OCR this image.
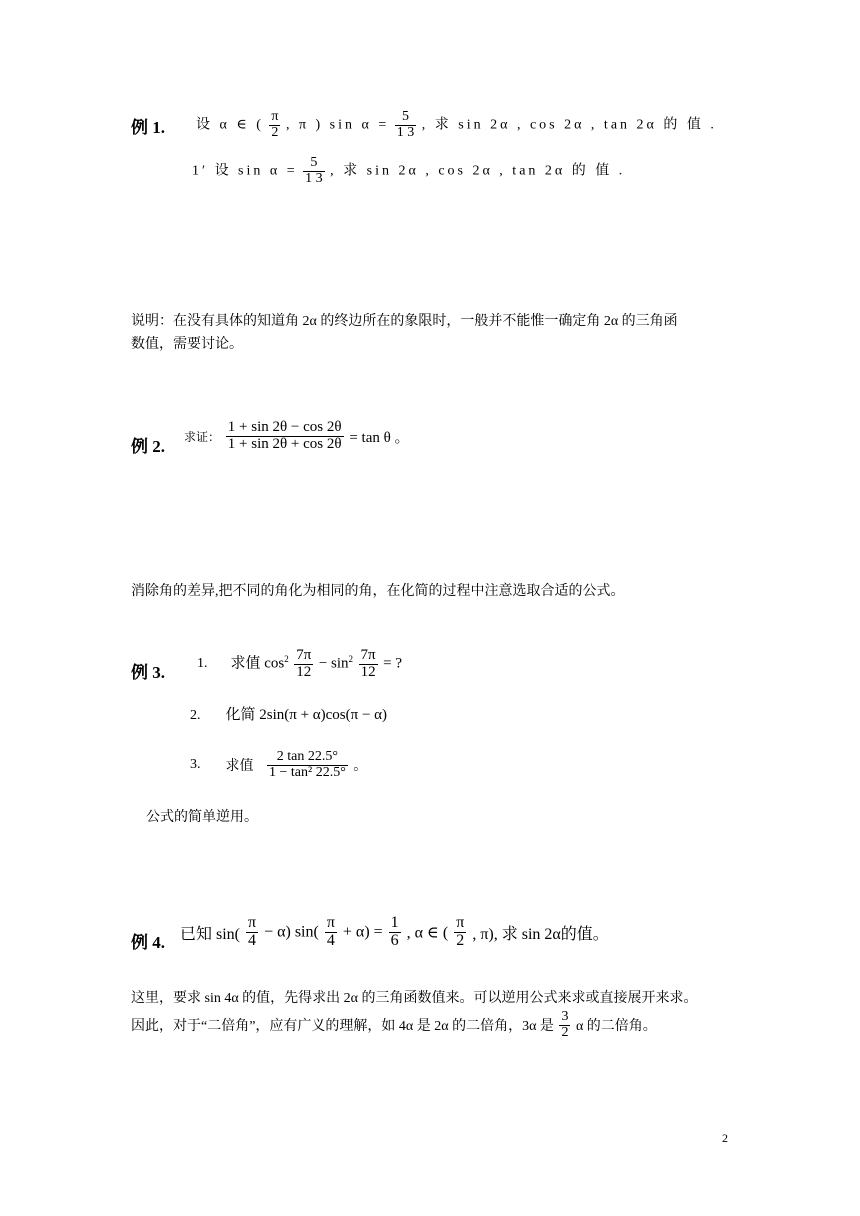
例 1. 设 α ∈ ( $\frac{\pi}{2}$ , π ) $\sin \alpha = \frac{5}{1 3}$ , 求 sin 2α , cos 2α , tan 2α 的 值 .
1′ 设 $\sin \alpha = \frac{5}{1 3}$ , 求 sin 2α , cos 2α , tan 2α 的 值 .
说明：在没有具体的知道角 2α 的终边所在的象限时，一般并不能惟一确定角 2α 的三角函
数值，需要讨论。
例 2.
求证： $\frac{1 + \sin 2\theta - \cos 2\theta}{1 + \sin 2\theta + \cos 2\theta} = \tan \theta$ 。
消除角的差异,把不同的角化为相同的角，在化简的过程中注意选取合适的公式。
例 3. 1. 求值 $\cos^2 \frac{7\pi}{12} - \sin^2 \frac{7\pi}{12}$ = ?
2. 化简 2sin(π + α)cos(π − α)
3. 求值 $\frac{2 \tan 22.5^\circ}{\text{1 − tan² 22.5°}}$ 。
公式的简单逆用。
例 4. 已知 $\sin( \frac{\pi}{4} - \alpha)$ $\sin( \frac{\pi}{4} + \alpha) = \frac{1}{6}$ , α ∈ ( $\frac{\pi}{2}$ , π), 求 sin 2α的值。
这里，要求 sin 4α 的值，先得求出 2α 的三角函数值来。可以逆用公式来求或直接展开来求。
因此，对于“二倍角”，应有广义的理解，如 4α 是 2α 的二倍角，3α 是 $\frac{3}{2}$ α 的二倍角。
2
